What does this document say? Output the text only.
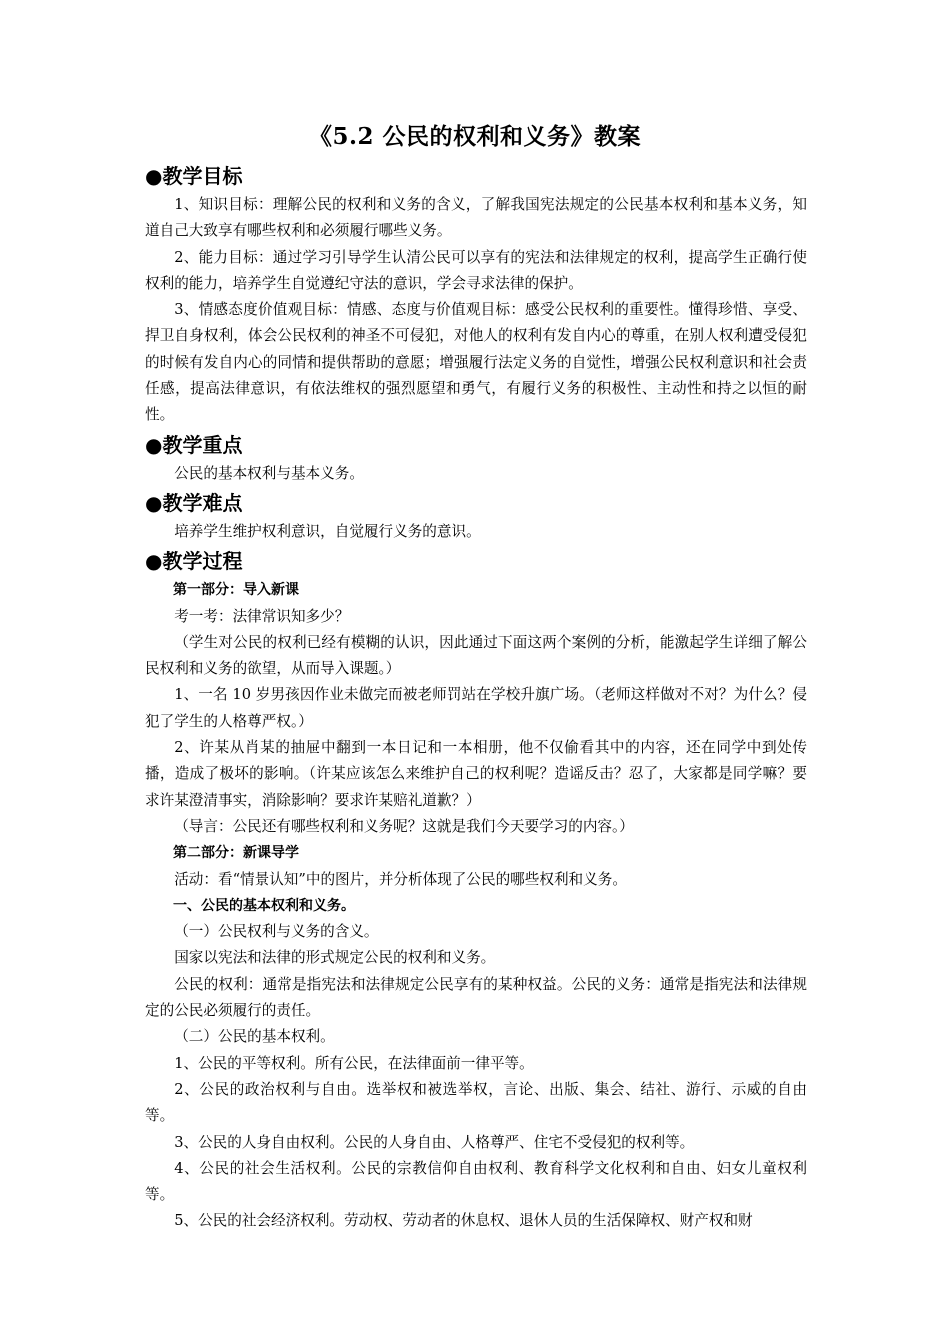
《5.2 公民的权利和义务》教案
●教学目标

1、知识目标：理解公民的权利和义务的含义，了解我国宪法规定的公民基本权利和基本义务，知道自己大致享有哪些权利和必须履行哪些义务。

2、能力目标：通过学习引导学生认清公民可以享有的宪法和法律规定的权利，提高学生正确行使权利的能力，培养学生自觉遵纪守法的意识，学会寻求法律的保护。

3、情感态度价值观目标：情感、态度与价值观目标：感受公民权利的重要性。懂得珍惜、享受、捍卫自身权利，体会公民权利的神圣不可侵犯，对他人的权利有发自内心的尊重，在别人权利遭受侵犯的时候有发自内心的同情和提供帮助的意愿；增强履行法定义务的自觉性，增强公民权利意识和社会责任感，提高法律意识，有依法维权的强烈愿望和勇气，有履行义务的积极性、主动性和持之以恒的耐性。

●教学重点

公民的基本权利与基本义务。

●教学难点

培养学生维护权利意识，自觉履行义务的意识。

●教学过程

第一部分：导入新课

考一考：法律常识知多少？

（学生对公民的权利已经有模糊的认识，因此通过下面这两个案例的分析，能激起学生详细了解公民权利和义务的欲望，从而导入课题。）

1、一名 10 岁男孩因作业未做完而被老师罚站在学校升旗广场。（老师这样做对不对？为什么？侵犯了学生的人格尊严权。）

2、许某从肖某的抽屉中翻到一本日记和一本相册，他不仅偷看其中的内容，还在同学中到处传播，造成了极坏的影响。（许某应该怎么来维护自己的权利呢？造谣反击？忍了，大家都是同学嘛？要求许某澄清事实，消除影响？要求许某赔礼道歉？）

（导言：公民还有哪些权利和义务呢？这就是我们今天要学习的内容。）

第二部分：新课导学

活动：看“情景认知”中的图片，并分析体现了公民的哪些权利和义务。

一、公民的基本权利和义务。

（一）公民权利与义务的含义。

国家以宪法和法律的形式规定公民的权利和义务。

公民的权利：通常是指宪法和法律规定公民享有的某种权益。公民的义务：通常是指宪法和法律规定的公民必须履行的责任。

（二）公民的基本权利。

1、公民的平等权利。所有公民，在法律面前一律平等。

2、公民的政治权利与自由。选举权和被选举权，言论、出版、集会、结社、游行、示威的自由等。

3、公民的人身自由权利。公民的人身自由、人格尊严、住宅不受侵犯的权利等。

4、公民的社会生活权利。公民的宗教信仰自由权利、教育科学文化权利和自由、妇女儿童权利等。

5、公民的社会经济权利。劳动权、劳动者的休息权、退休人员的生活保障权、财产权和财
